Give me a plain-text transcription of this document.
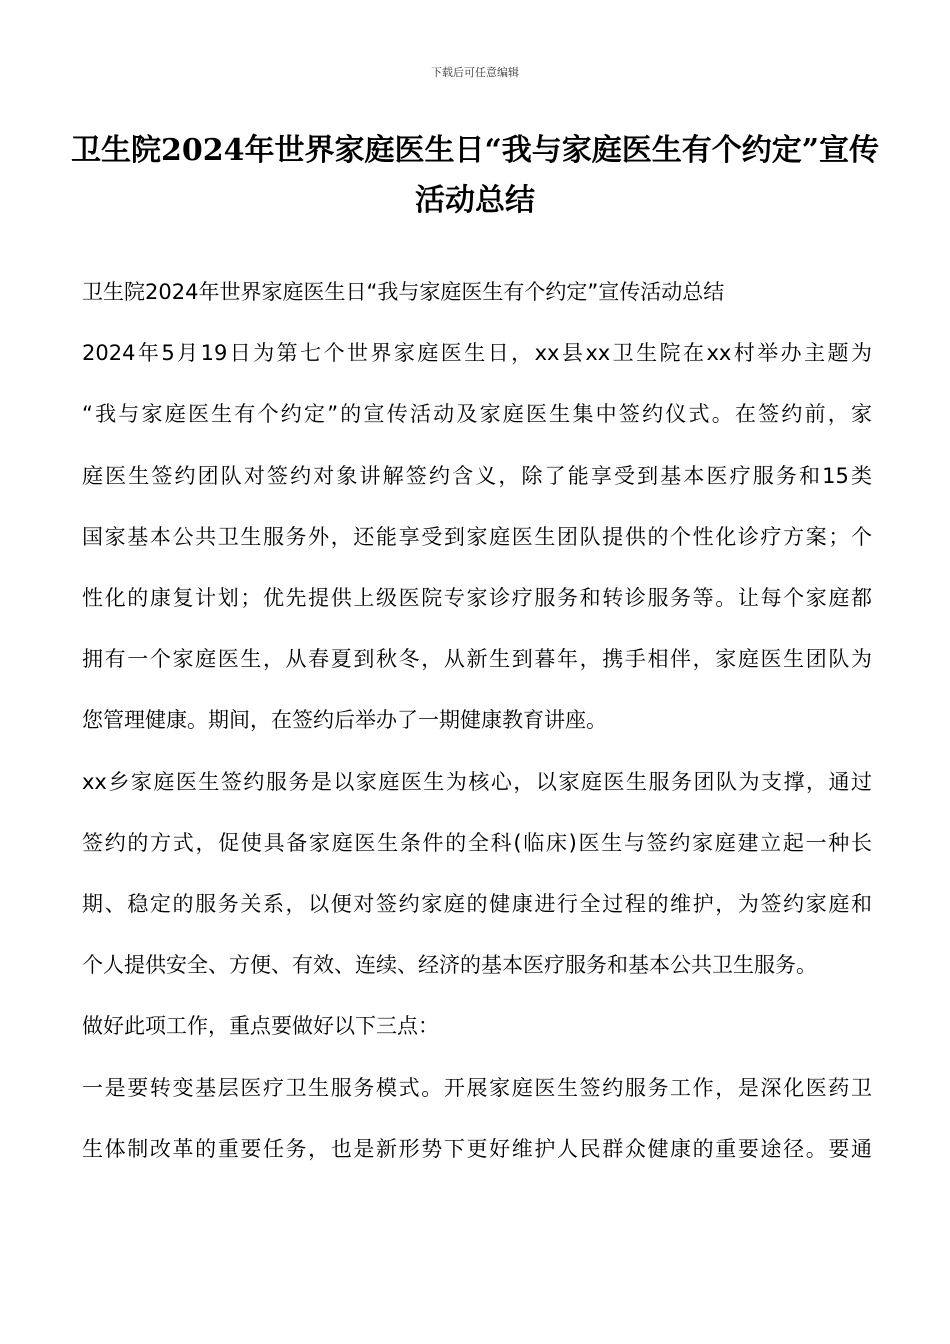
下载后可任意编辑
卫生院2024年世界家庭医生日“我与家庭医生有个约定”宣传
活动总结
卫生院2024年世界家庭医生日“我与家庭医生有个约定”宣传活动总结
2024年5月19日为第七个世界家庭医生日，xx县xx卫生院在xx村举办主题为
“我与家庭医生有个约定”的宣传活动及家庭医生集中签约仪式。在签约前，家
庭医生签约团队对签约对象讲解签约含义，除了能享受到基本医疗服务和15类
国家基本公共卫生服务外，还能享受到家庭医生团队提供的个性化诊疗方案；个
性化的康复计划；优先提供上级医院专家诊疗服务和转诊服务等。让每个家庭都
拥有一个家庭医生，从春夏到秋冬，从新生到暮年，携手相伴，家庭医生团队为
您管理健康。期间，在签约后举办了一期健康教育讲座。
xx乡家庭医生签约服务是以家庭医生为核心，以家庭医生服务团队为支撑，通过
签约的方式，促使具备家庭医生条件的全科(临床)医生与签约家庭建立起一种长
期、稳定的服务关系，以便对签约家庭的健康进行全过程的维护，为签约家庭和
个人提供安全、方便、有效、连续、经济的基本医疗服务和基本公共卫生服务。
做好此项工作，重点要做好以下三点：
一是要转变基层医疗卫生服务模式。开展家庭医生签约服务工作，是深化医药卫
生体制改革的重要任务，也是新形势下更好维护人民群众健康的重要途径。要通
